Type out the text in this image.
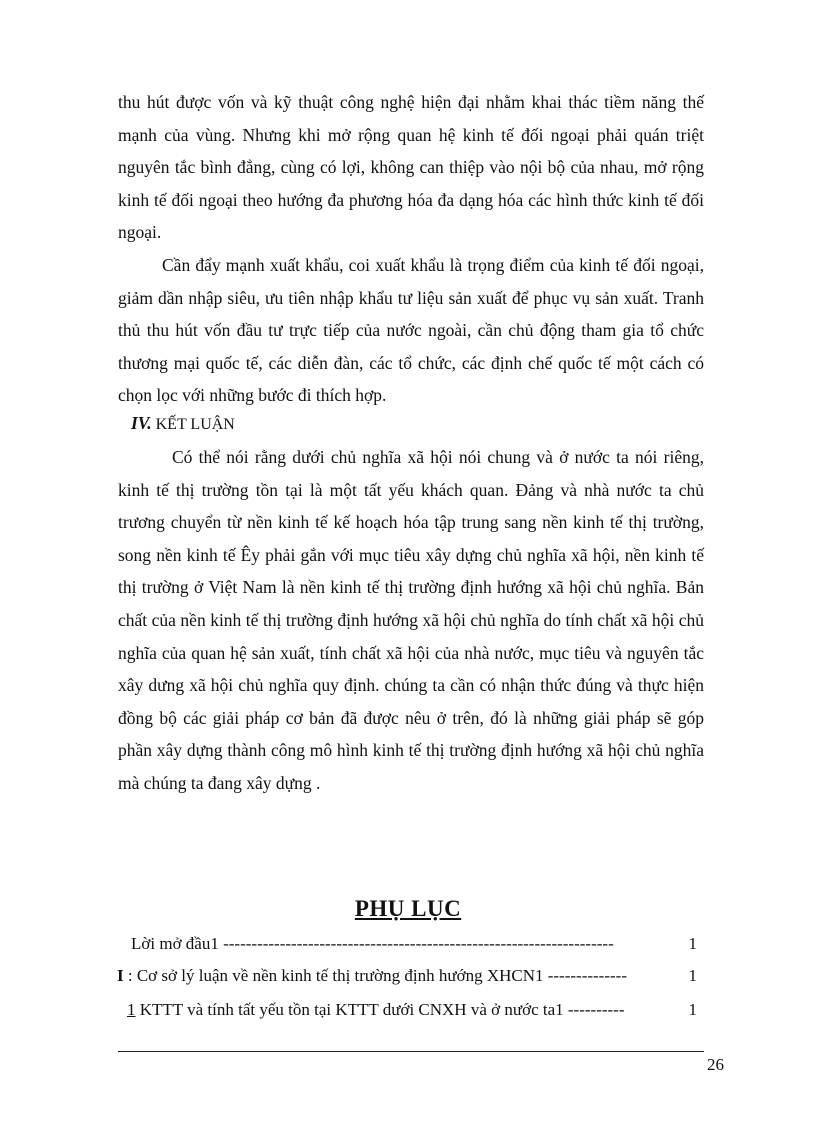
thu hút được vốn và kỹ thuật công nghệ hiện đại nhằm khai thác tiềm năng thế mạnh của vùng. Nhưng khi mở rộng quan hệ kinh tế đối ngoại phải quán triệt nguyên tắc bình đẳng, cùng có lợi, không can thiệp vào nội bộ của nhau, mở rộng kinh tế đối ngoại theo hướng đa phương hóa đa dạng hóa các hình thức kinh tế đối ngoại.

Cần đẩy mạnh xuất khẩu, coi xuất khẩu là trọng điểm của kinh tế đối ngoại, giảm dần nhập siêu, ưu tiên nhập khẩu tư liệu sản xuất để phục vụ sản xuất. Tranh thủ thu hút vốn đầu tư trực tiếp của nước ngoài, cần chủ động tham gia tổ chức thương mại quốc tế, các diễn đàn, các tổ chức, các định chế quốc tế một cách có chọn lọc với những bước đi thích hợp.

IV. KẾT LUẬN

Có thể nói rằng dưới chủ nghĩa xã hội nói chung và ở nước ta nói riêng, kinh tế thị trường tồn tại là một tất yếu khách quan. Đảng và nhà nước ta chủ trương chuyển từ nền kinh tế kế hoạch hóa tập trung sang nền kinh tế thị trường, song nền kinh tế Êy phải gắn với mục tiêu xây dựng chủ nghĩa xã hội, nền kinh tế thị trường ở Việt Nam là nền kinh tế thị trường định hướng xã hội chủ nghĩa. Bản chất của nền kinh tế thị trường định hướng xã hội chủ nghĩa do tính chất xã hội chủ nghĩa của quan hệ sản xuất, tính chất xã hội của nhà nước, mục tiêu và nguyên tắc xây dưng xã hội chủ nghĩa quy định. chúng ta cần có nhận thức đúng và thực hiện đồng bộ các giải pháp cơ bản đã được nêu ở trên, đó là những giải pháp sẽ góp phần xây dựng thành công mô hình kinh tế thị trường định hướng xã hội chủ nghĩa mà chúng ta đang xây dựng .

PHỤ LỤC
Lời mở đầu1 ---------------------------------------------------------------------	1
I : Cơ sở lý luận về nền kinh tế thị trường định hướng XHCN1 --------------	1
1 KTTT và tính tất yếu tồn tại KTTT dưới CNXH và ở nước ta1 ----------	1

26
